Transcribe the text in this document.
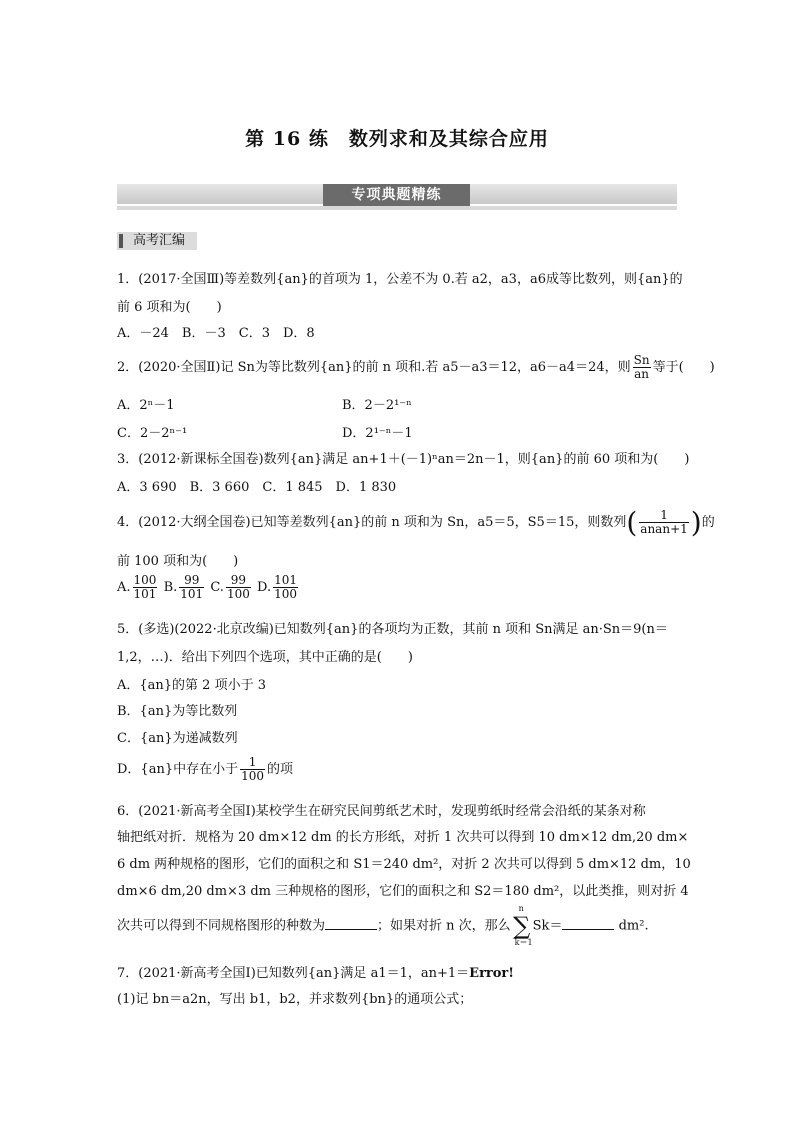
第 16 练　数列求和及其综合应用
专项典题精练
高考汇编
1．(2017·全国Ⅲ)等差数列{an}的首项为 1，公差不为 0.若 a2，a3，a6成等比数列，则{an}的
前 6 项和为(　　)
A．－24　B．－3　C．3　D．8
2．(2020·全国Ⅱ)记 Sn为等比数列{an}的前 n 项和.若 a5－a3＝12，a6－a4＝24，则 $\frac{Sn}{an}$ 等于(　　)
A．2ⁿ－1	B．2－2¹⁻ⁿ
C．2－2ⁿ⁻¹	D．2¹⁻ⁿ－1
3．(2012·新课标全国卷)数列{an}满足 an+1＋(－1)ⁿan＝2n－1，则{an}的前 60 项和为(　　)
A．3 690　B．3 660　C．1 845　D．1 830
4．(2012·大纲全国卷)已知等差数列{an}的前 n 项和为 Sn，a5＝5，S5＝15，则数列( $\frac{1}{\text{anan+1}}$ )的
前 100 项和为(　　)
A. $\frac{100}{101} B$. $\frac{99}{101} C$. $\frac{99}{100} D$. $\frac{101}{100}$
5．(多选)(2022·北京改编)已知数列{an}的各项均为正数，其前 n 项和 Sn满足 an·Sn＝9(n＝
1,2，…)．给出下列四个选项，其中正确的是(　　)
A．{an}的第 2 项小于 3
B．{an}为等比数列
C．{an}为递减数列
D．{an}中存在小于 $\frac{1}{100}$ 的项
6．(2021·新高考全国Ⅰ)某校学生在研究民间剪纸艺术时，发现剪纸时经常会沿纸的某条对称
轴把纸对折．规格为 20 dm×12 dm 的长方形纸，对折 1 次共可以得到 10 dm×12 dm,20 dm×
6 dm 两种规格的图形，它们的面积之和 S1＝240 dm²，对折 2 次共可以得到 5 dm×12 dm，10
dm×6 dm,20 dm×3 dm 三种规格的图形，它们的面积之和 S2＝180 dm²，以此类推，则对折 4
次共可以得到不同规格图形的种数为	；如果对折 n 次，那么
n
∑
k＝1
Sk＝	dm².
7．(2021·新高考全国Ⅰ)已知数列{an}满足 a1＝1，an+1＝Error!
(1)记 bn＝a2n，写出 b1，b2，并求数列{bn}的通项公式；
